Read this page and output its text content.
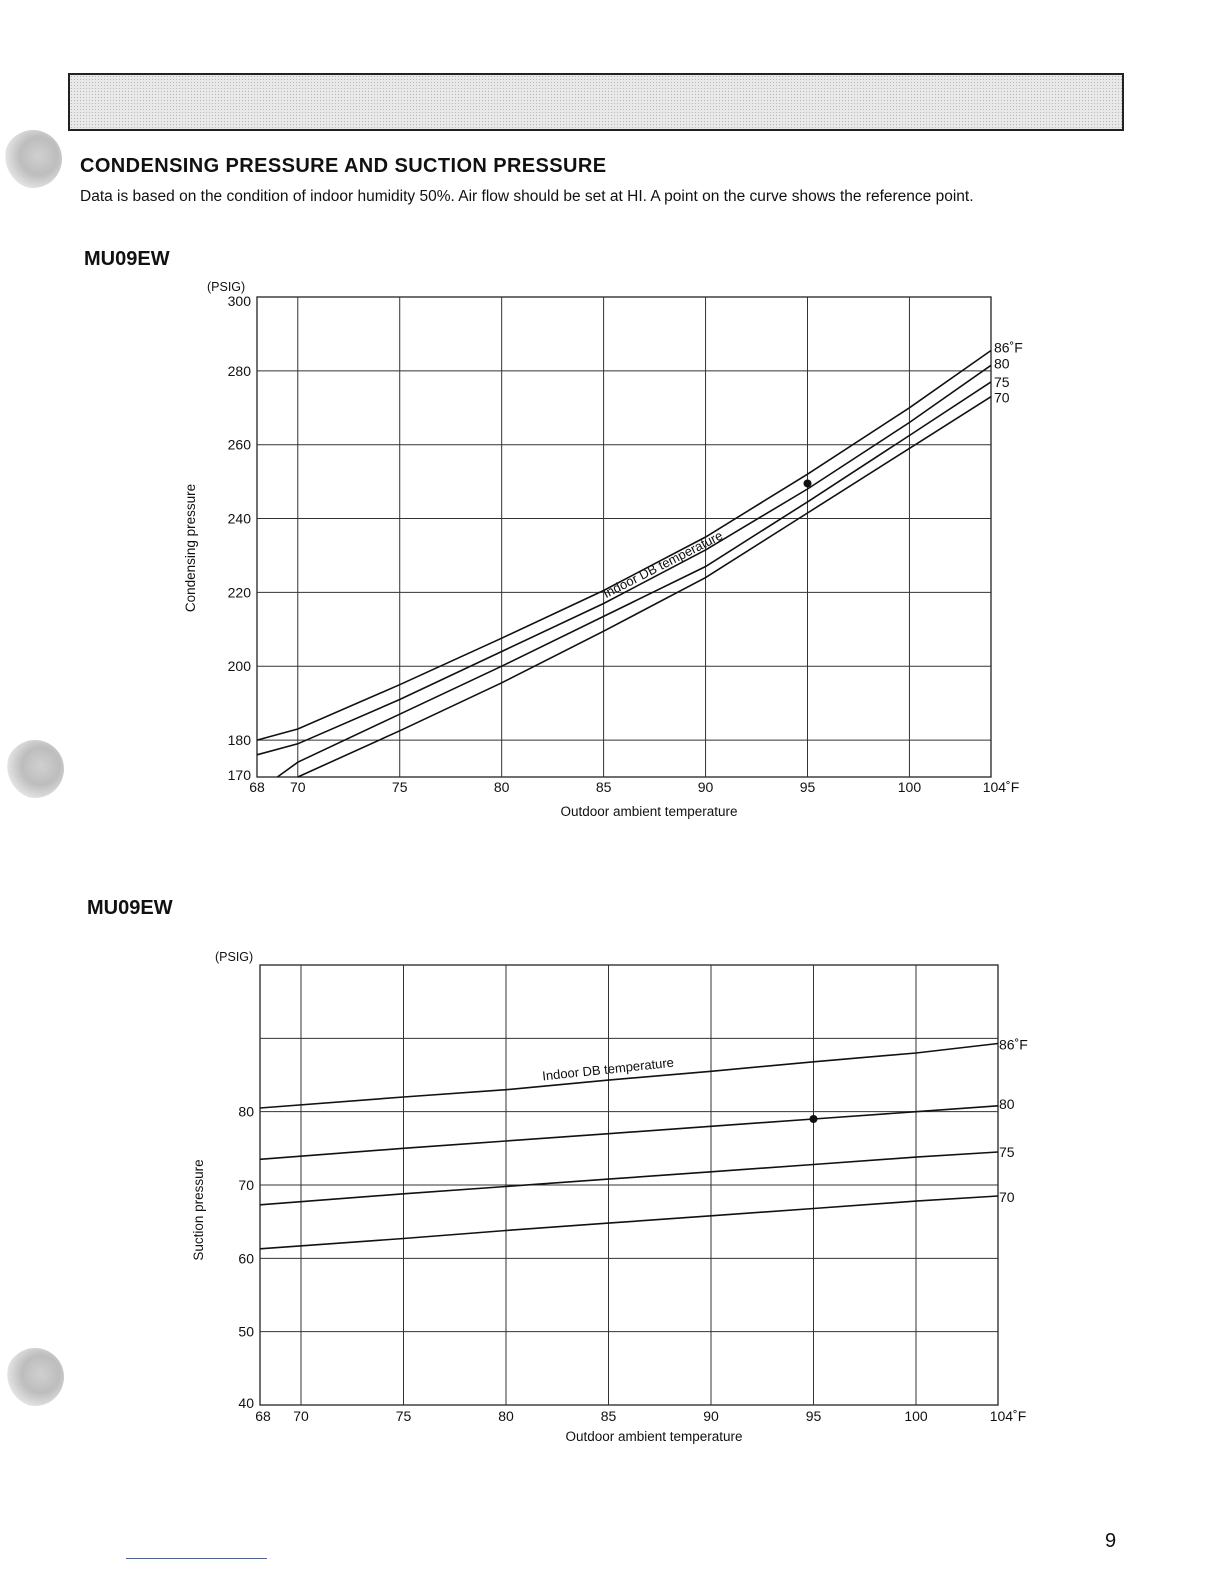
CONDENSING PRESSURE AND SUCTION PRESSURE

Data is based on the condition of indoor humidity 50%. Air flow should be set at HI. A point on the curve shows the reference point.

MU09EW
MU09EW
68 70	75	80	85	90	95	100	104˚F
170
180
200
220
240
260
280
300
(PSIG)
Condensing pressure
Outdoor ambient temperature
86˚F
80
75
70
Indoor DB temperature
68 70	75	80	85	90	95	100	104˚F
40
50
60
70
80
(PSIG)
Suction pressure
Outdoor ambient temperature
86˚F
80
75
70
Indoor DB temperature
9
